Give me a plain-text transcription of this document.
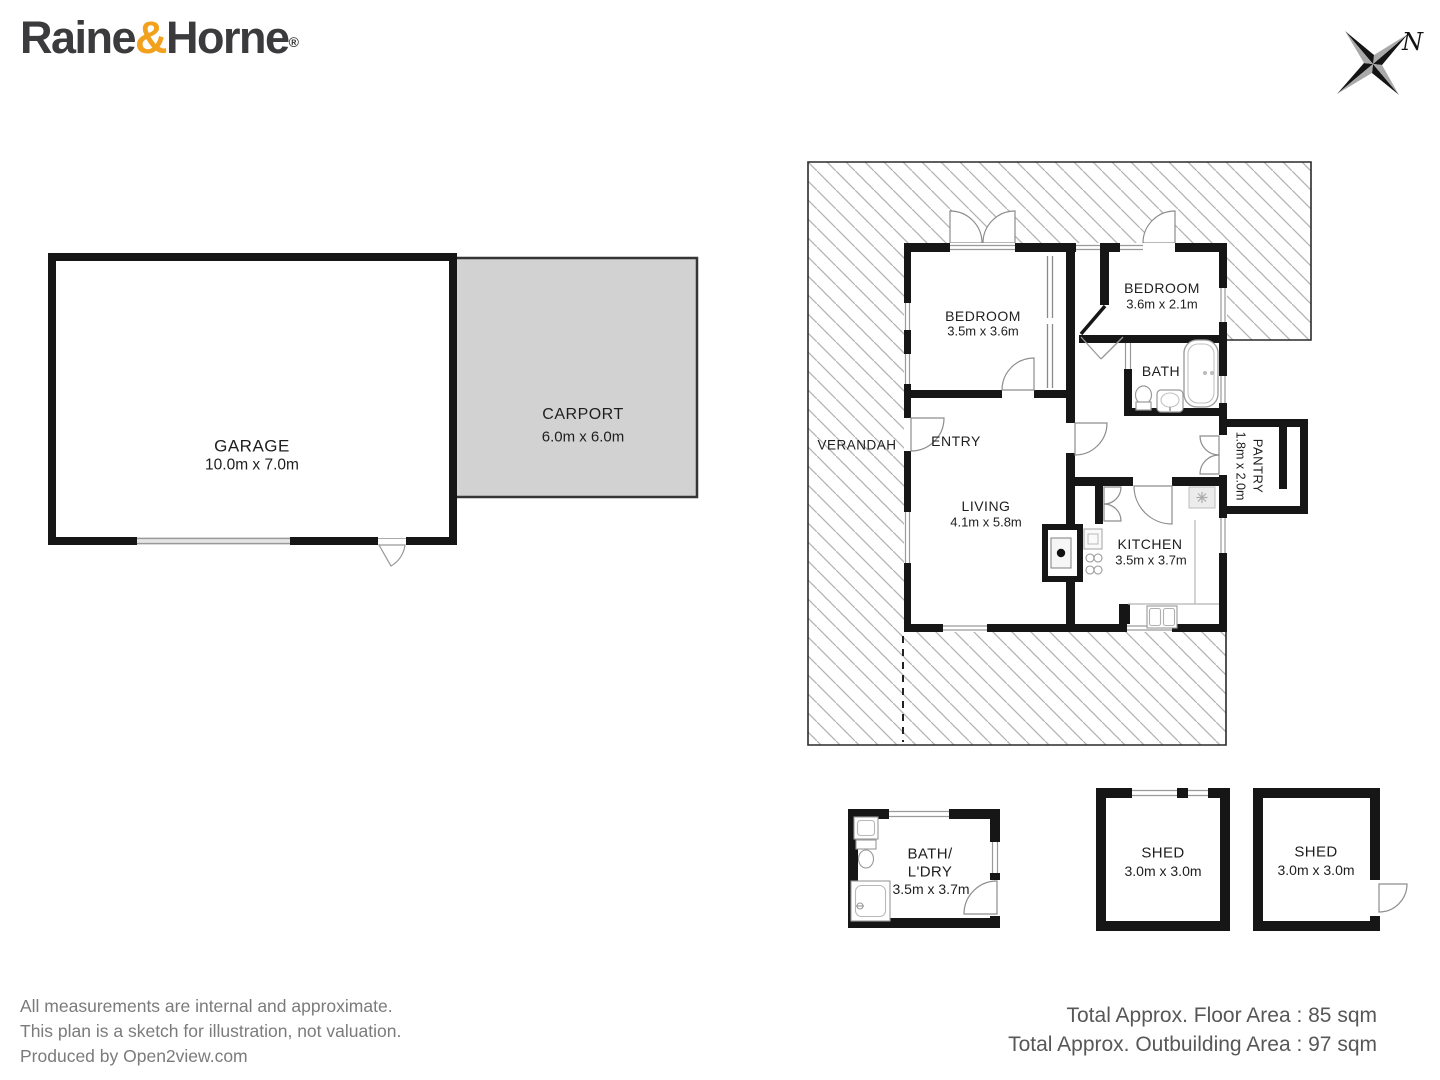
N
Raine&Horne®
GARAGE
10.0m x 7.0m
CARPORT
6.0m x 6.0m	VERANDAH
BEDROOM
3.5m x 3.6m
BEDROOM
3.6m x 2.1m
BATH
ENTRY
LIVING
4.1m x 5.8m
KITCHEN
3.5m x 3.7m
PANTRY
1.8m x 2.0m
BATH/
L'DRY
3.5m x 3.7m
SHED
3.0m x 3.0m
SHED
3.0m x 3.0m
All measurements are internal and approximate.
This plan is a sketch for illustration, not valuation.
Produced by Open2view.com
Total Approx. Floor Area : 85 sqm
Total Approx. Outbuilding Area : 97 sqm
